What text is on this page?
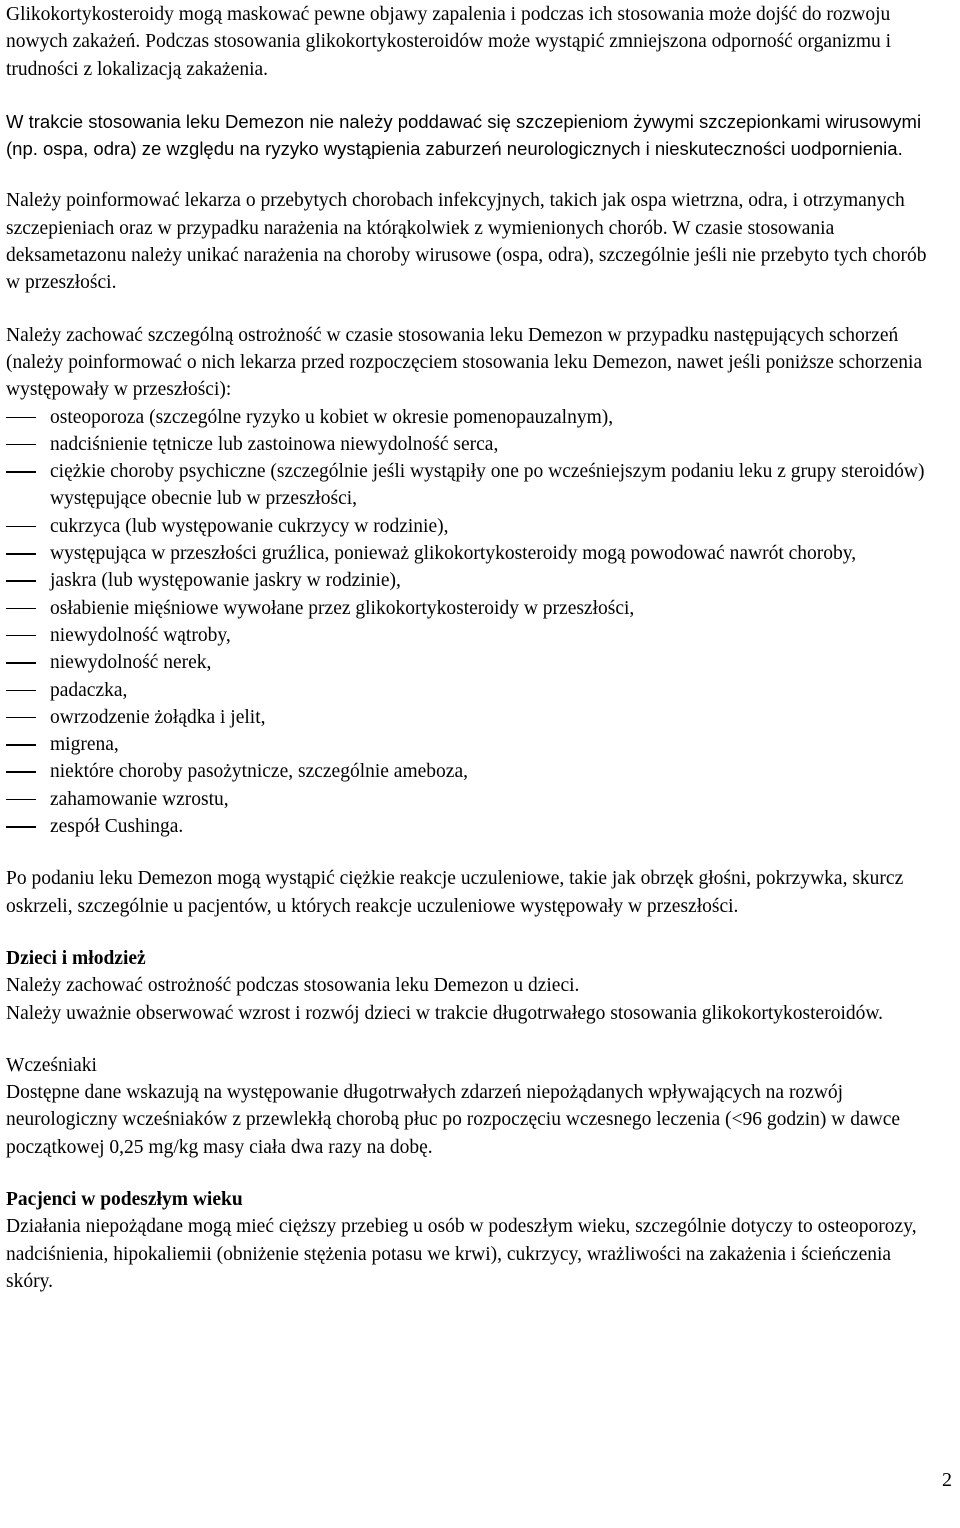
Glikokortykosteroidy mogą maskować pewne objawy zapalenia i podczas ich stosowania może dojść do rozwoju nowych zakażeń. Podczas stosowania glikokortykosteroidów może wystąpić zmniejszona odporność organizmu i trudności z lokalizacją zakażenia.

W trakcie stosowania leku Demezon nie należy poddawać się szczepieniom żywymi szczepionkami wirusowymi (np. ospa, odra) ze względu na ryzyko wystąpienia zaburzeń neurologicznych i nieskuteczności uodpornienia.

Należy poinformować lekarza o przebytych chorobach infekcyjnych, takich jak ospa wietrzna, odra, i otrzymanych szczepieniach oraz w przypadku narażenia na którąkolwiek z wymienionych chorób. W czasie stosowania deksametazonu należy unikać narażenia na choroby wirusowe (ospa, odra), szczególnie jeśli nie przebyto tych chorób w przeszłości.

Należy zachować szczególną ostrożność w czasie stosowania leku Demezon w przypadku następujących schorzeń (należy poinformować o nich lekarza przed rozpoczęciem stosowania leku Demezon, nawet jeśli poniższe schorzenia występowały w przeszłości):

osteoporoza (szczególne ryzyko u kobiet w okresie pomenopauzalnym),
nadciśnienie tętnicze lub zastoinowa niewydolność serca,
ciężkie choroby psychiczne (szczególnie jeśli wystąpiły one po wcześniejszym podaniu leku z grupy steroidów) występujące obecnie lub w przeszłości,
cukrzyca (lub występowanie cukrzycy w rodzinie),
występująca w przeszłości gruźlica, ponieważ glikokortykosteroidy mogą powodować nawrót choroby,
jaskra (lub występowanie jaskry w rodzinie),
osłabienie mięśniowe wywołane przez glikokortykosteroidy w przeszłości,
niewydolność wątroby,
niewydolność nerek,
padaczka,
owrzodzenie żołądka i jelit,
migrena,
niektóre choroby pasożytnicze, szczególnie ameboza,
zahamowanie wzrostu,
zespół Cushinga.

Po podaniu leku Demezon mogą wystąpić ciężkie reakcje uczuleniowe, takie jak obrzęk głośni, pokrzywka, skurcz oskrzeli, szczególnie u pacjentów, u których reakcje uczuleniowe występowały w przeszłości.

Dzieci i młodzież

Należy zachować ostrożność podczas stosowania leku Demezon u dzieci.

Należy uważnie obserwować wzrost i rozwój dzieci w trakcie długotrwałego stosowania glikokortykosteroidów.

Wcześniaki

Dostępne dane wskazują na występowanie długotrwałych zdarzeń niepożądanych wpływających na rozwój neurologiczny wcześniaków z przewlekłą chorobą płuc po rozpoczęciu wczesnego leczenia (<96 godzin) w dawce początkowej 0,25 mg/kg masy ciała dwa razy na dobę.

Pacjenci w podeszłym wieku

Działania niepożądane mogą mieć cięższy przebieg u osób w podeszłym wieku, szczególnie dotyczy to osteoporozy, nadciśnienia, hipokaliemii (obniżenie stężenia potasu we krwi), cukrzycy, wrażliwości na zakażenia i ścieńczenia skóry.

2
